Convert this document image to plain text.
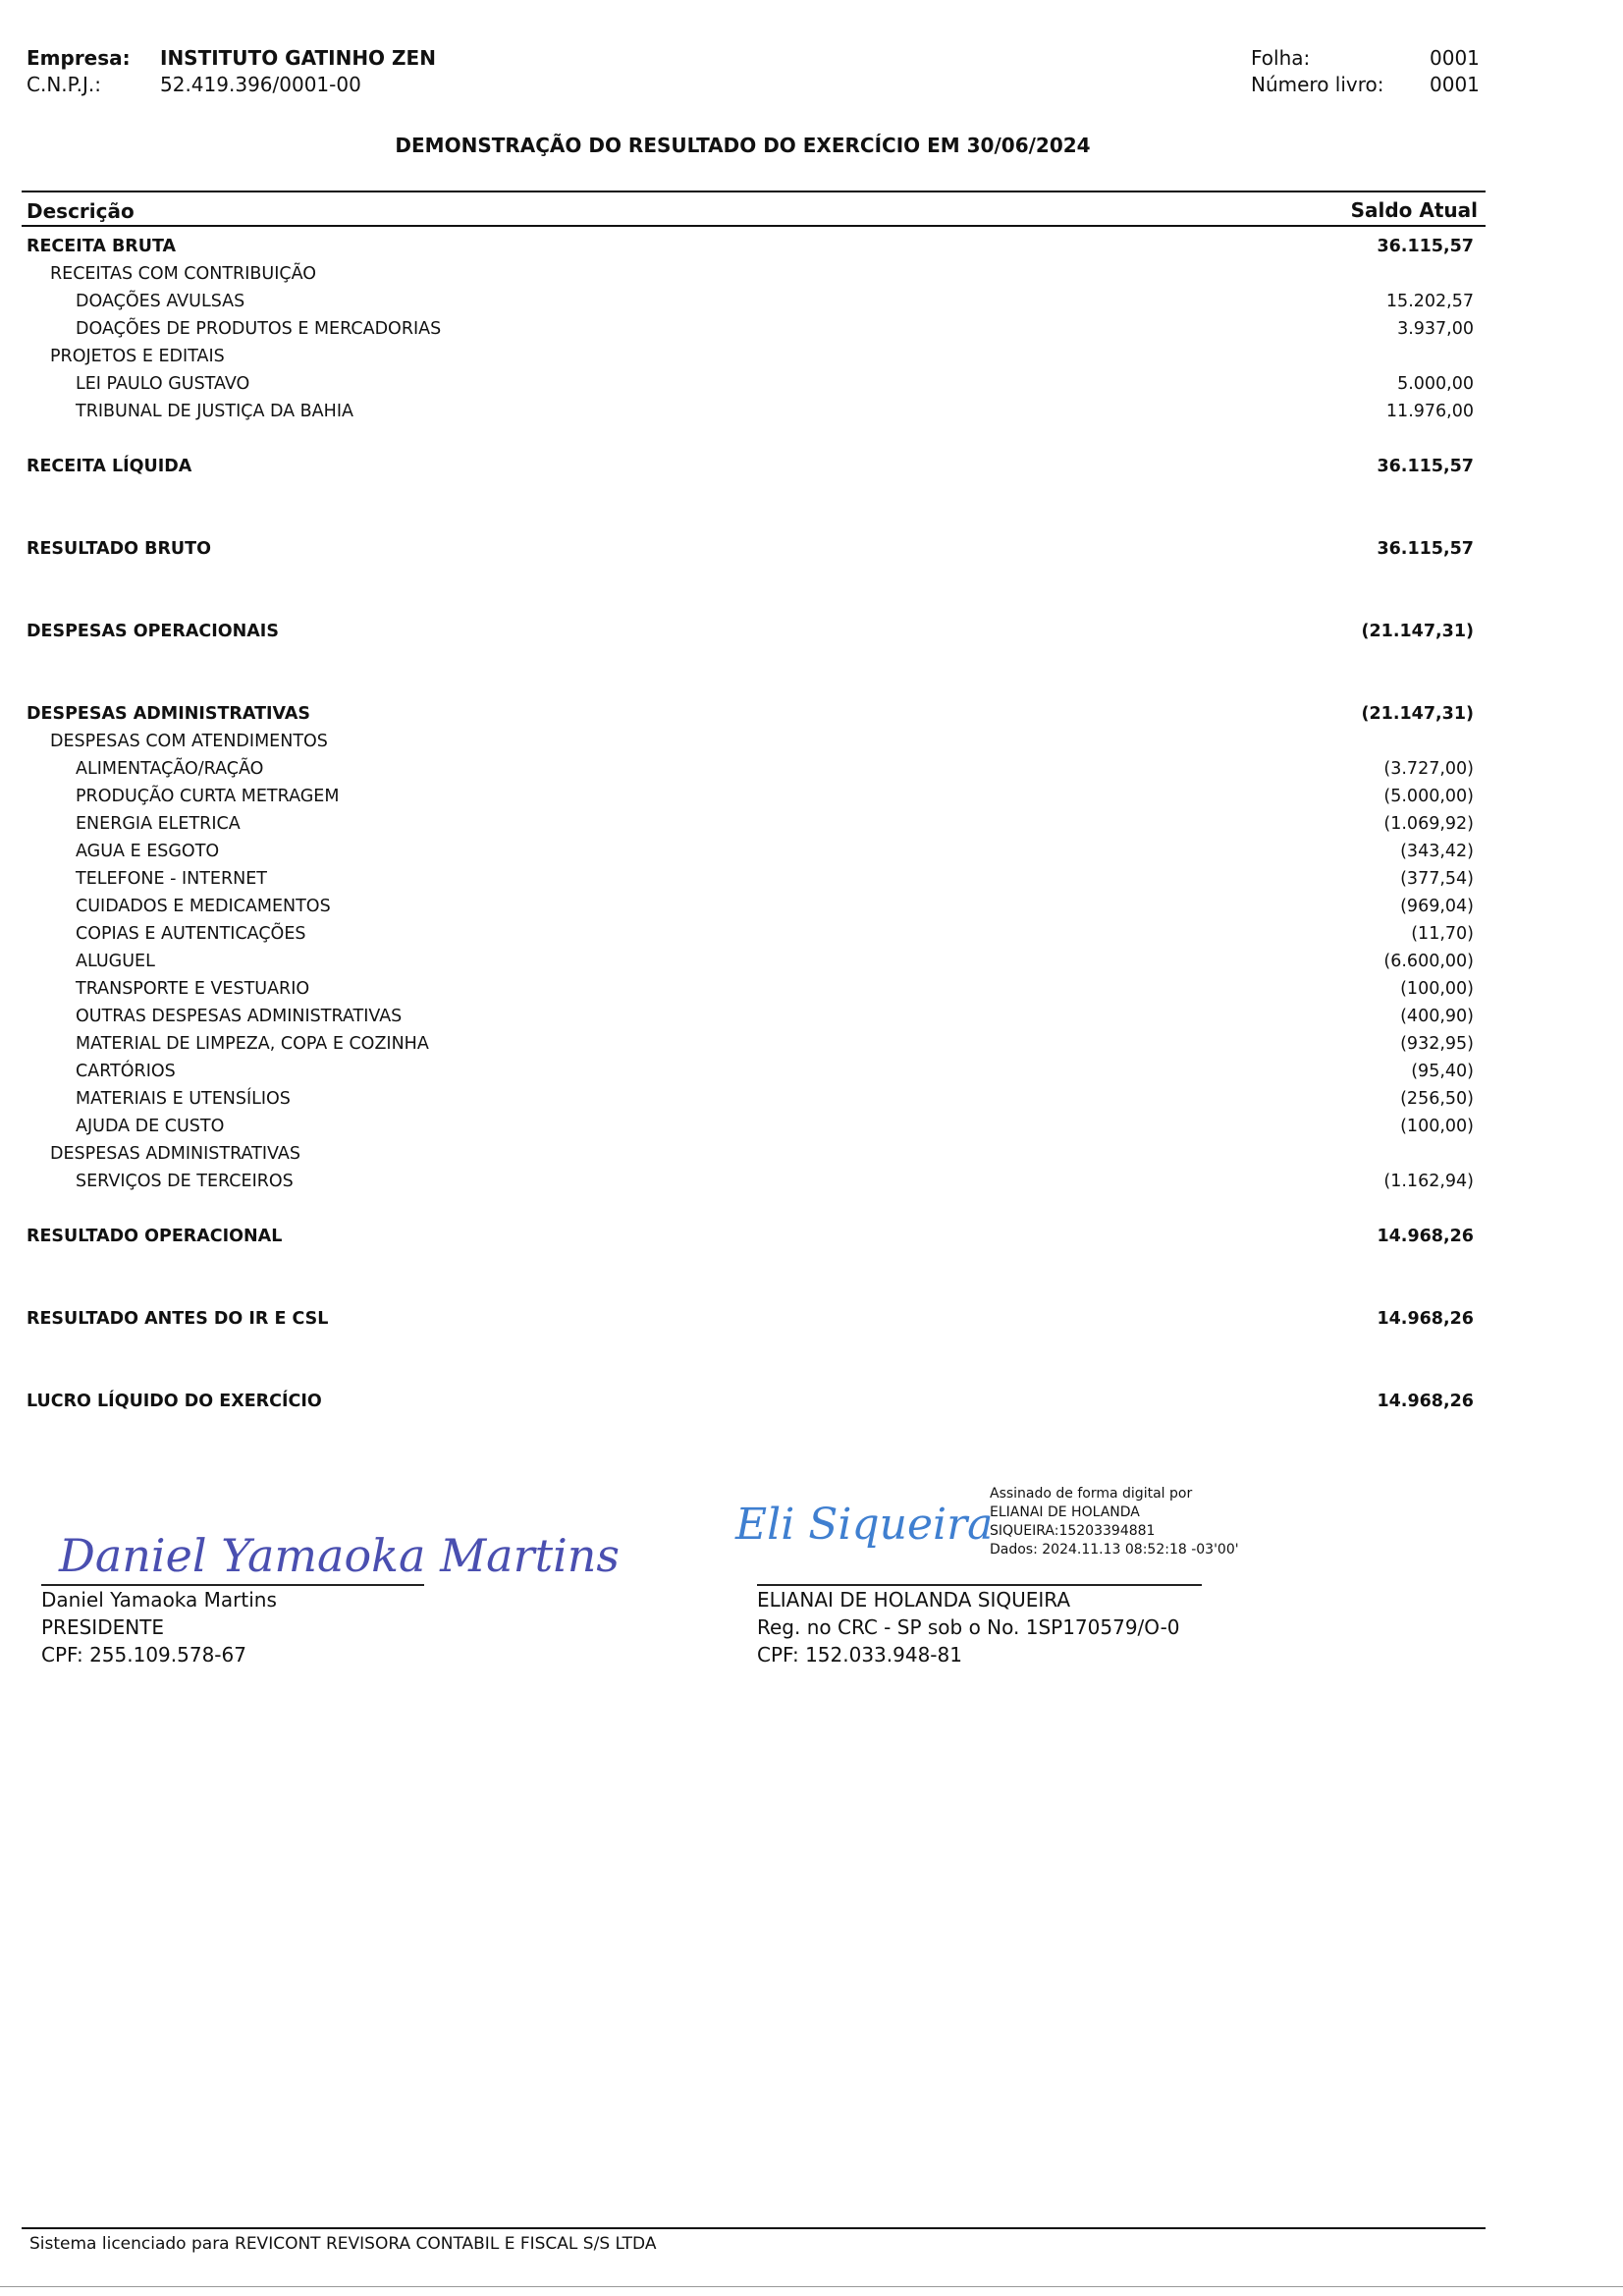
Empresa: INSTITUTO GATINHO ZEN
C.N.P.J.:	52.419.396/0001-00
Folha:	0001
Número livro: 0001
DEMONSTRAÇÃO DO RESULTADO DO EXERCÍCIO EM 30/06/2024
Descrição	Saldo Atual
RECEITA BRUTA	36.115,57
RECEITAS COM CONTRIBUIÇÃO
DOAÇÕES AVULSAS	15.202,57
DOAÇÕES DE PRODUTOS E MERCADORIAS	3.937,00
PROJETOS E EDITAIS
LEI PAULO GUSTAVO	5.000,00
TRIBUNAL DE JUSTIÇA DA BAHIA	11.976,00
RECEITA LÍQUIDA	36.115,57
RESULTADO BRUTO	36.115,57
DESPESAS OPERACIONAIS	(21.147,31)
DESPESAS ADMINISTRATIVAS	(21.147,31)
DESPESAS COM ATENDIMENTOS
ALIMENTAÇÃO/RAÇÃO	(3.727,00)
PRODUÇÃO CURTA METRAGEM	(5.000,00)
ENERGIA ELETRICA	(1.069,92)
AGUA E ESGOTO	(343,42)
TELEFONE - INTERNET	(377,54)
CUIDADOS E MEDICAMENTOS	(969,04)
COPIAS E AUTENTICAÇÕES	(11,70)
ALUGUEL	(6.600,00)
TRANSPORTE E VESTUARIO	(100,00)
OUTRAS DESPESAS ADMINISTRATIVAS	(400,90)
MATERIAL DE LIMPEZA, COPA E COZINHA	(932,95)
CARTÓRIOS	(95,40)
MATERIAIS E UTENSÍLIOS	(256,50)
AJUDA DE CUSTO	(100,00)
DESPESAS ADMINISTRATIVAS
SERVIÇOS DE TERCEIROS	(1.162,94)
RESULTADO OPERACIONAL	14.968,26
RESULTADO ANTES DO IR E CSL	14.968,26
LUCRO LÍQUIDO DO EXERCÍCIO	14.968,26
Daniel Yamaoka Martins
Daniel Yamaoka Martins
PRESIDENTE
CPF: 255.109.578-67
Eli Siqueira
Assinado de forma digital por
ELIANAI DE HOLANDA
SIQUEIRA:15203394881
Dados: 2024.11.13 08:52:18 -03'00'
ELIANAI DE HOLANDA SIQUEIRA
Reg. no CRC - SP sob o No. 1SP170579/O-0
CPF: 152.033.948-81
Sistema licenciado para REVICONT REVISORA CONTABIL E FISCAL S/S LTDA
